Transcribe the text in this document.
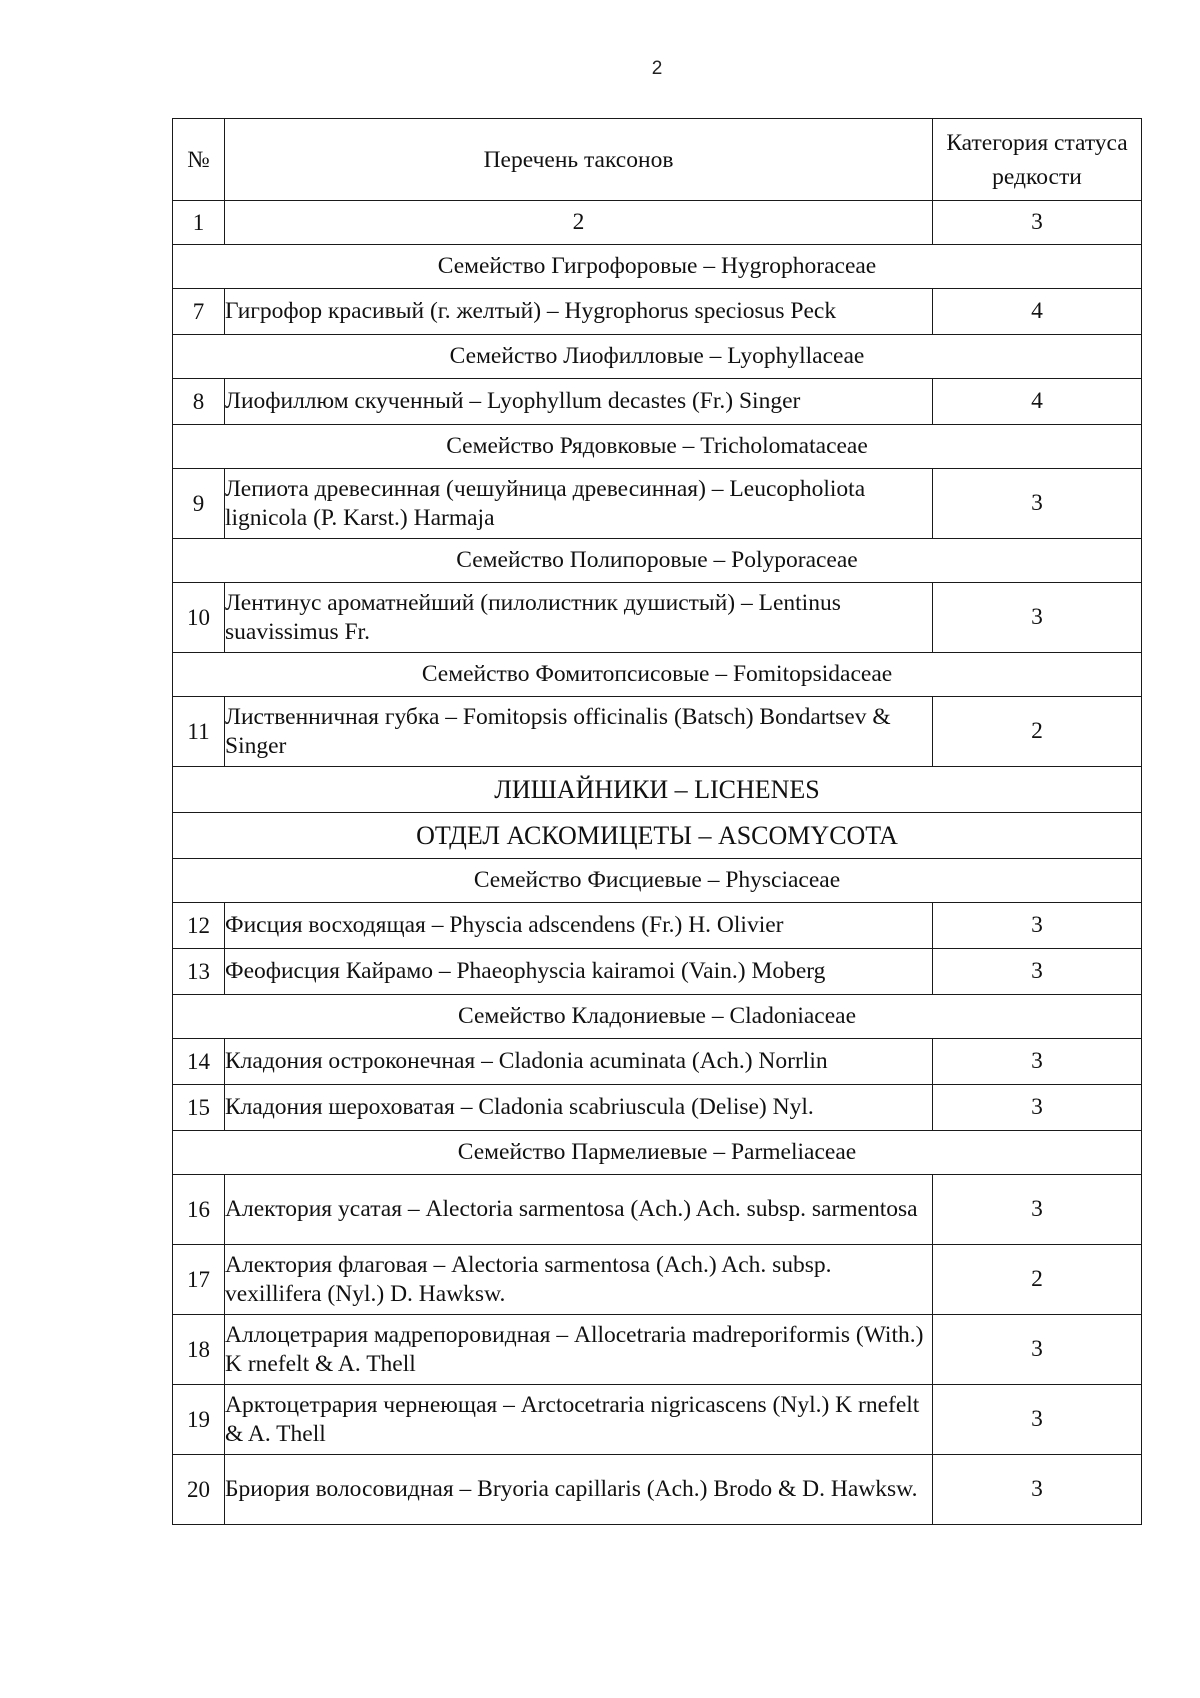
2
№	Перечень таксонов	Категория статуса редкости
1	2	3
Семейство Гигрофоровые – Hygrophoraceae		
7	Гигрофор красивый (г. желтый) – Hygrophorus speciosus Peck	4
Семейство Лиофилловые – Lyophyllaceae		
8	Лиофиллюм скученный – Lyophyllum decastes (Fr.) Singer	4
Семейство Рядовковые – Tricholomataceae		
9	Лепиота древесинная (чешуйница древесинная) – Leucopholiota lignicola (P. Karst.) Harmaja	3
Семейство Полипоровые – Polyporaceae		
10	Лентинус ароматнейший (пилолистник душистый) – Lentinus suavissimus Fr.	3
Семейство Фомитопсисовые – Fomitopsidaceae		
11	Лиственничная губка – Fomitopsis officinalis (Batsch) Bondartsev & Singer	2
ЛИШАЙНИКИ – LICHENES		
ОТДЕЛ АСКОМИЦЕТЫ – ASCOMYCOTA		
Семейство Фисциевые – Physciaceae		
12	Фисция восходящая – Physcia adscendens (Fr.) H. Olivier	3
13	Феофисция Кайрамо – Phaeophyscia kairamoi (Vain.) Moberg	3
Семейство Кладониевые – Cladoniaceae		
14	Кладония остроконечная – Cladonia acuminata (Ach.) Norrlin	3
15	Кладония шероховатая – Cladonia scabriuscula (Delise) Nyl.	3
Семейство Пармелиевые – Parmeliaceae		
16	Алектория усатая – Alectoria sarmentosa (Ach.) Ach. subsp. sarmentosa	3
17	Алектория флаговая – Alectoria sarmentosa (Ach.) Ach. subsp. vexillifera (Nyl.) D. Hawksw.	2
18	Аллоцетрария мадрепоровидная – Allocetraria madreporiformis (With.) K rnefelt & A. Thell	3
19	Арктоцетрария чернеющая – Arctocetraria nigricascens (Nyl.) K rnefelt & A. Thell	3
20	Бриория волосовидная – Bryoria capillaris (Ach.) Brodo & D. Hawksw.	3
